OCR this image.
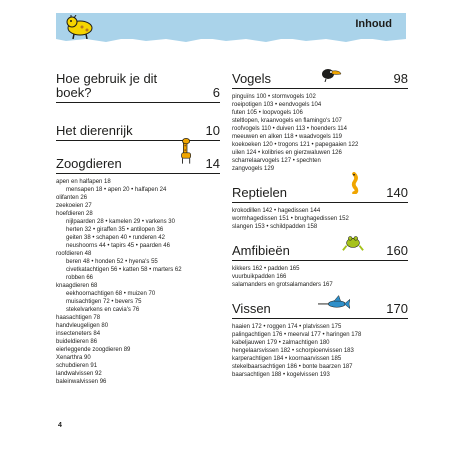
Inhoud
Hoe gebruik je dit boek?	6
Het dierenrijk	10
Zoogdieren	14
apen en halfapen 18
mensapen 18 • apen 20 • halfapen 24
olifanten 26
zeekoeien 27
hoefdieren 28
nijlpaarden 28 • kamelen 29 • varkens 30
herten 32 • giraffen 35 • antilopen 36
geiten 38 • schapen 40 • runderen 42
neushoorns 44 • tapirs 45 • paarden 46
roofdieren 48
beren 48 • honden 52 • hyena's 55
civetkatachtigen 56 • katten 58 • marters 62
robben 66
knaagdieren 68
eekhoornachtigen 68 • muizen 70
muisachtigen 72 • bevers 75
stekelvarkens en cavia's 76
haasachtigen 78
handvleugeligen 80
insecteneters 84
buideldieren 86
eierleggende zoogdieren 89
Xenarthra 90
schubdieren 91
landwalvissen 92
baleinwalvissen 96
Vogels	98
pinguïns 100 • stormvogels 102
roeipotigen 103 • eendvogels 104
futen 105 • loopvogels 106
steltlopen, kraanvogels en flamingo's 107
roofvogels 110 • duiven 113 • hoenders 114
meeuwen en alken 118 • waadvogels 119
koekoeken 120 • trogons 121 • papegaaien 122
uilen 124 • kolibries en gierzwaluwen 126
scharrelaarvogels 127 • spechten
zangvogels 129
Reptielen	140
krokodillen 142 • hagedissen 144
wormhagedissen 151 • brughagedissen 152
slangen 153 • schildpadden 158
Amfibieën	160
kikkers 162 • padden 165
vuurbuikpadden 166
salamanders en grotsalamanders 167
Vissen	170
haaien 172 • roggen 174 • platvissen 175
palingachtigen 176 • meerval 177 • haringen 178
kabeljauwen 179 • zalmachtigen 180
hengelaarsvissen 182 • schorpioenvissen 183
karperachtigen 184 • koornaarvissen 185
stekelbaarsachtigen 186 • bonte baarzen 187
baarsachtigen 188 • kogelvissen 193
4
